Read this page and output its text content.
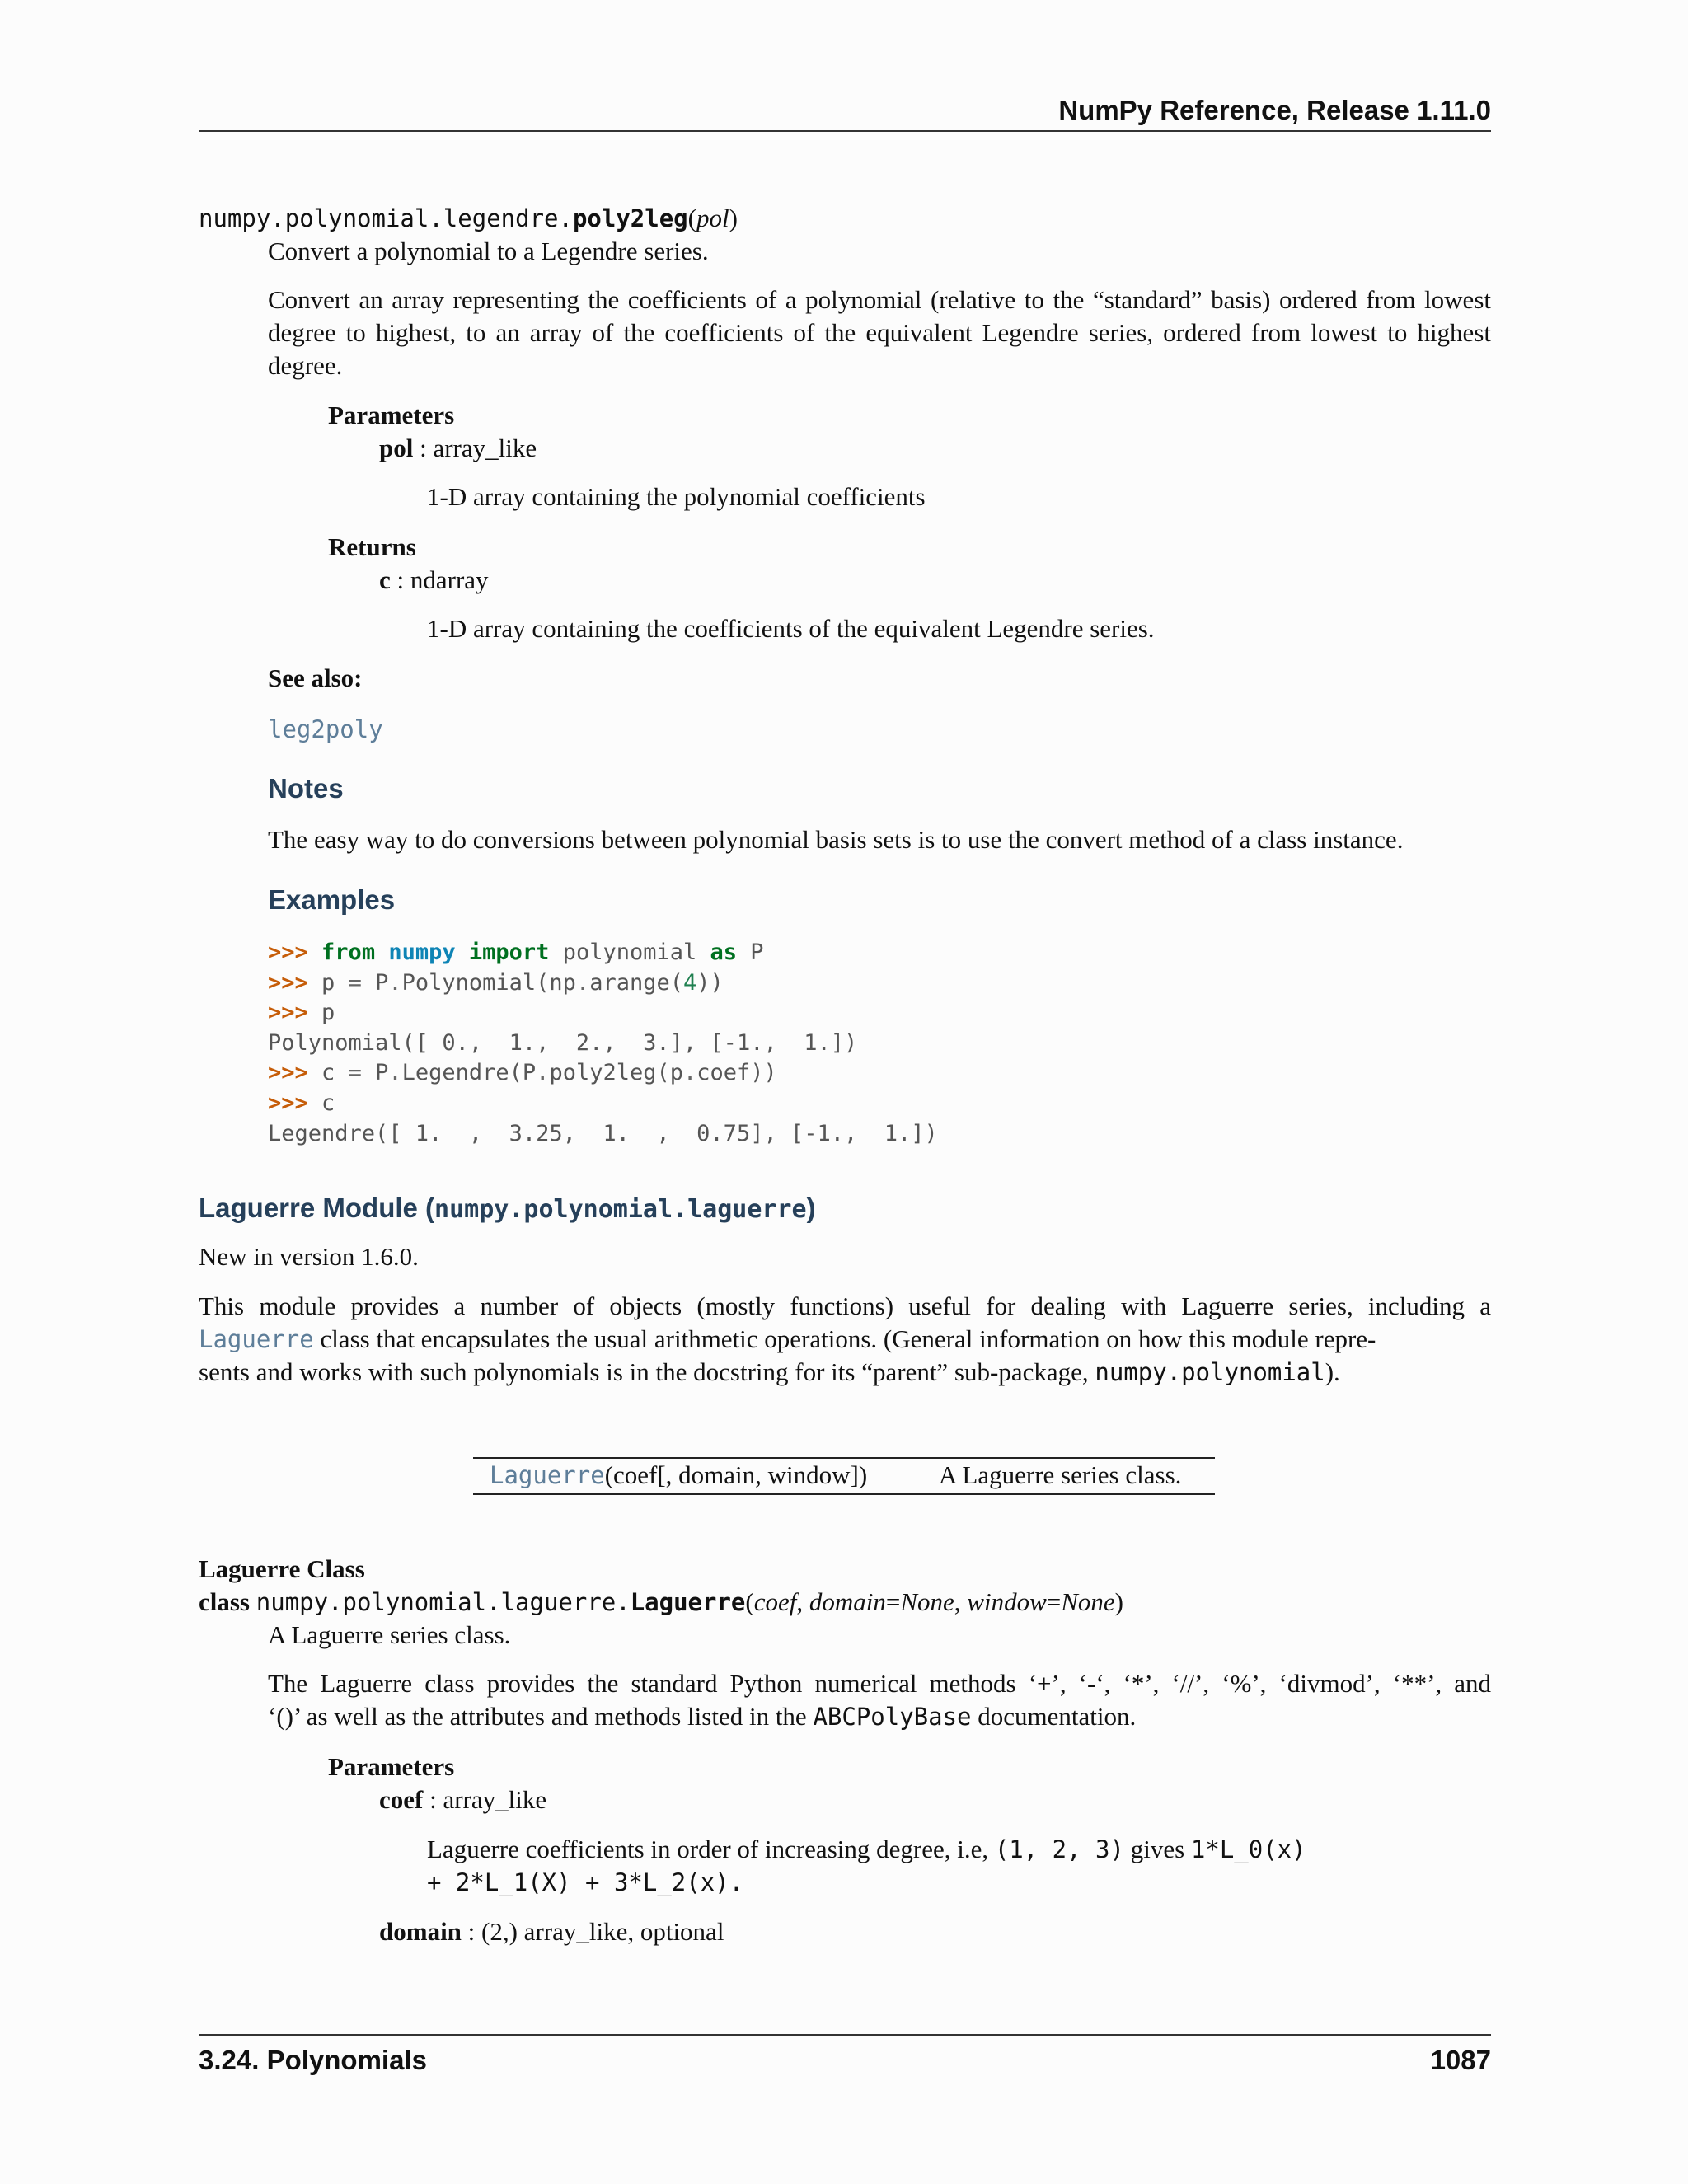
NumPy Reference, Release 1.11.0
numpy.polynomial.legendre.poly2leg(pol)
Convert a polynomial to a Legendre series.
Convert an array representing the coefficients of a polynomial (relative to the “standard” basis) ordered from lowest degree to highest, to an array of the coefficients of the equivalent Legendre series, ordered from lowest to highest degree.
Parameters
pol : array_like
1-D array containing the polynomial coefficients
Returns
c : ndarray
1-D array containing the coefficients of the equivalent Legendre series.
See also:
leg2poly
Notes
The easy way to do conversions between polynomial basis sets is to use the convert method of a class instance.
Examples
>>> from numpy import polynomial as P
>>> p = P.Polynomial(np.arange(4))
>>> p
Polynomial([ 0.,  1.,  2.,  3.], [-1.,  1.])
>>> c = P.Legendre(P.poly2leg(p.coef))
>>> c
Legendre([ 1.  ,  3.25,  1.  ,  0.75], [-1.,  1.])
Laguerre Module (numpy.polynomial.laguerre)
New in version 1.6.0.
This module provides a number of objects (mostly functions) useful for dealing with Laguerre series, including a
Laguerre class that encapsulates the usual arithmetic operations. (General information on how this module repre-
sents and works with such polynomials is in the docstring for its “parent” sub-package, numpy.polynomial).
Laguerre(coef[, domain, window])	A Laguerre series class.
Laguerre Class
class numpy.polynomial.laguerre.Laguerre(coef, domain=None, window=None)
A Laguerre series class.
The Laguerre class provides the standard Python numerical methods ‘+’, ‘-‘, ‘*’, ‘//’, ‘%’, ‘divmod’, ‘**’, and
‘()’ as well as the attributes and methods listed in the ABCPolyBase documentation.
Parameters
coef : array_like
Laguerre coefficients in order of increasing degree, i.e, (1, 2, 3) gives 1*L_0(x)
+ 2*L_1(X) + 3*L_2(x).
domain : (2,) array_like, optional
3.24. Polynomials	1087
